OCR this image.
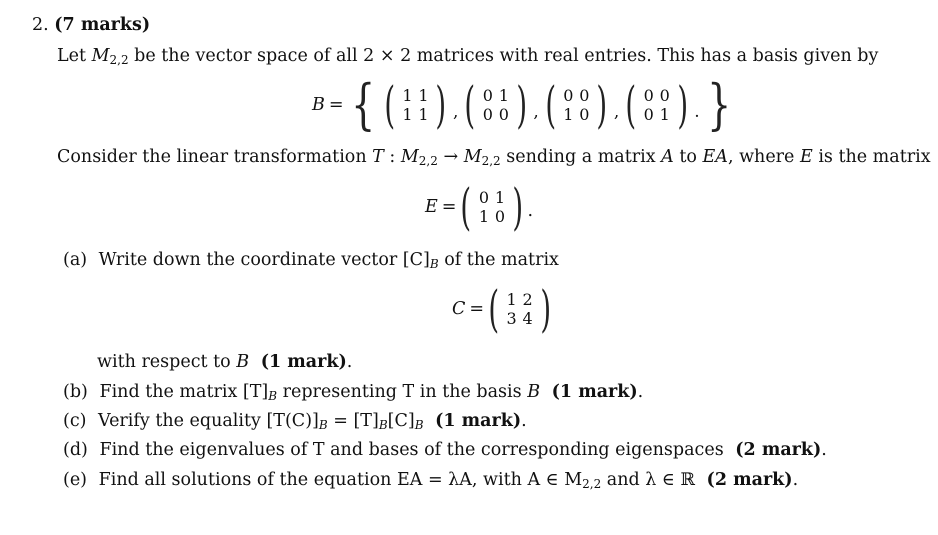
2. (7 marks)
Let $M_{2,2}$ be the vector space of all 2 × 2 matrices with real entries. This has a basis given by
B = { ( 1 1
1 1 ) , ( 0 1
0 0 ) , ( 0 0
1 0 ) , ( 0 0
0 1 ) . }
Consider the linear transformation T : $M_{2,2} \to M_{2,2}$ sending a matrix A to EA, where E is the matrix
E = ( 0 1
1 0 ) .
(a) Write down the coordinate vector $[C]_B$ of the matrix
C = ( 1 2
3 4 )
with respect to B (1 mark).
(b) Find the matrix $[T]_B$ representing T in the basis B (1 mark).
(c) Verify the equality $[T(C)]_B = [T]_B[C]_B$ (1 mark).
(d) Find the eigenvalues of T and bases of the corresponding eigenspaces (2 mark).
(e) Find all solutions of the equation EA = λA, with A ∈ $M_{2,2}$ and λ ∈ ℝ (2 mark).
